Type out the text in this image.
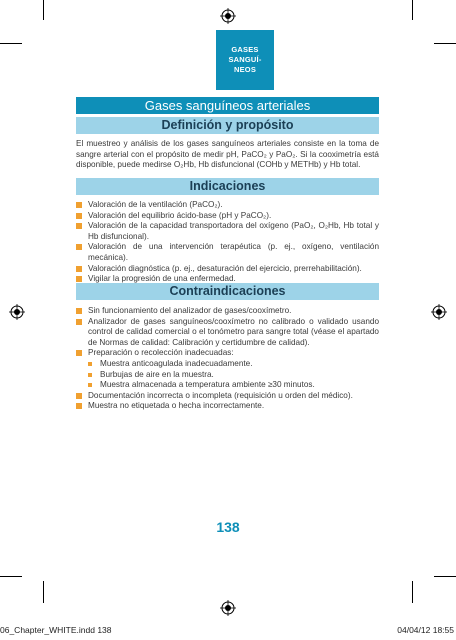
GASES
SANGUÍ-
NEOS
Gases sanguíneos arteriales
Definición y propósito
El muestreo y análisis de los gases sanguíneos arteriales consiste en la toma de sangre arterial con el propósito de medir pH, PaCO₂ y PaO₂. Si la cooximetría está disponible, puede medirse O₂Hb, Hb disfuncional (COHb y METHb) y Hb total.
Indicaciones
Valoración de la ventilación (PaCO₂).
Valoración del equilibrio ácido-base (pH y PaCO₂).
Valoración de la capacidad transportadora del oxígeno (PaO₂, O₂Hb, Hb total y Hb disfuncional).
Valoración de una intervención terapéutica (p. ej., oxígeno, ventilación mecánica).
Valoración diagnóstica (p. ej., desaturación del ejercicio, prerrehabilitación).
Vigilar la progresión de una enfermedad.
Contraindicaciones
Sin funcionamiento del analizador de gases/cooxímetro.
Analizador de gases sanguíneos/cooxímetro no calibrado o validado usando control de calidad comercial o el tonómetro para sangre total (véase el apartado de Normas de calidad: Calibración y certidumbre de calidad).
Preparación o recolección inadecuadas:
Muestra anticoagulada inadecuadamente.
Burbujas de aire en la muestra.
Muestra almacenada a temperatura ambiente ≥30 minutos.
Documentación incorrecta o incompleta (requisición u orden del médico).
Muestra no etiquetada o hecha incorrectamente.
138
06_Chapter_WHITE.indd 138	04/04/12 18:55
